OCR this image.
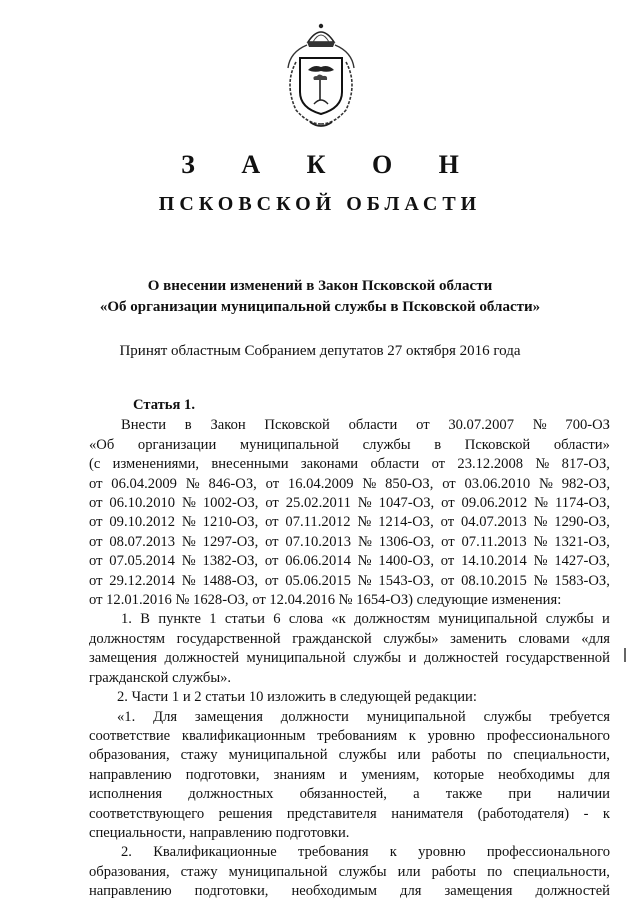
З А К О Н
ПСКОВСКОЙ ОБЛАСТИ
О внесении изменений в Закон Псковской области
«Об организации муниципальной службы в Псковской области»
Принят областным Собранием депутатов 27 октября 2016 года
Статья 1.
Внести в Закон Псковской области от 30.07.2007 № 700-ОЗ
«Об организации муниципальной службы в Псковской области»
(с изменениями, внесенными законами области от 23.12.2008 № 817-ОЗ,
от 06.04.2009 № 846-ОЗ, от 16.04.2009 № 850-ОЗ, от 03.06.2010 № 982-ОЗ,
от 06.10.2010 № 1002-ОЗ, от 25.02.2011 № 1047-ОЗ, от 09.06.2012 № 1174-ОЗ,
от 09.10.2012 № 1210-ОЗ, от 07.11.2012 № 1214-ОЗ, от 04.07.2013 № 1290-ОЗ,
от 08.07.2013 № 1297-ОЗ, от 07.10.2013 № 1306-ОЗ, от 07.11.2013 № 1321-ОЗ,
от 07.05.2014 № 1382-ОЗ, от 06.06.2014 № 1400-ОЗ, от 14.10.2014 № 1427-ОЗ,
от 29.12.2014 № 1488-ОЗ, от 05.06.2015 № 1543-ОЗ, от 08.10.2015 № 1583-ОЗ,
от 12.01.2016 № 1628-ОЗ, от 12.04.2016 № 1654-ОЗ) следующие изменения:
1. В пункте 1 статьи 6 слова «к должностям муниципальной службы и
должностям государственной гражданской службы» заменить словами «для
замещения должностей муниципальной службы и должностей государственной
гражданской службы».
2. Части 1 и 2 статьи 10 изложить в следующей редакции:
«1. Для замещения должности муниципальной службы требуется
соответствие квалификационным требованиям к уровню профессионального
образования, стажу муниципальной службы или работы по специальности,
направлению подготовки, знаниям и умениям, которые необходимы для
исполнения должностных обязанностей, а также при наличии
соответствующего решения представителя нанимателя (работодателя) - к
специальности, направлению подготовки.
2. Квалификационные требования к уровню профессионального
образования, стажу муниципальной службы или работы по специальности,
направлению подготовки, необходимым для замещения должностей
